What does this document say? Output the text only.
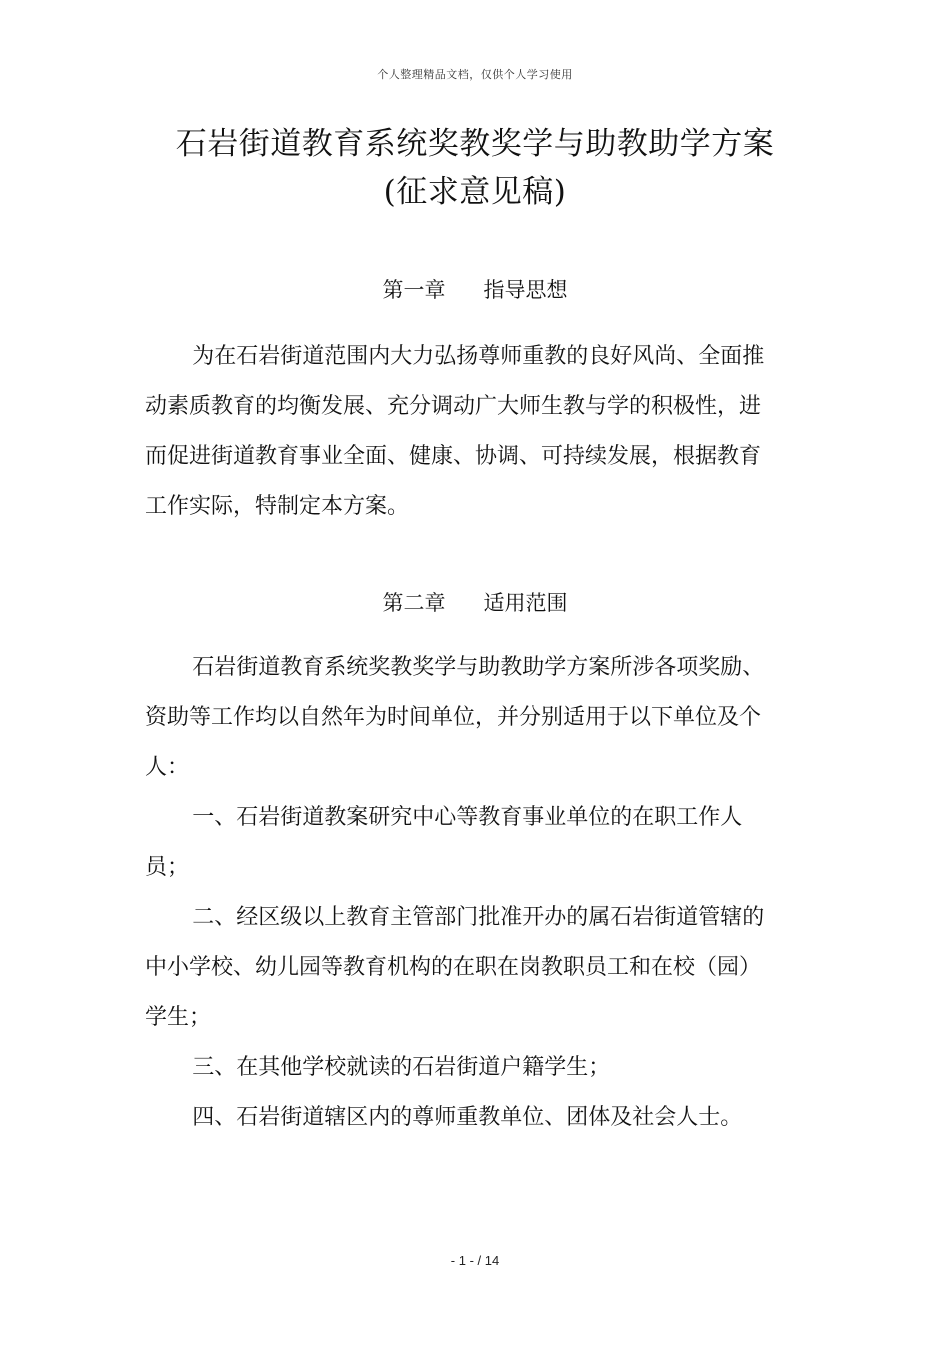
个人整理精品文档，仅供个人学习使用
石岩街道教育系统奖教奖学与助教助学方案
(征求意见稿)
第一章 指导思想

为在石岩街道范围内大力弘扬尊师重教的良好风尚、全面推动素质教育的均衡发展、充分调动广大师生教与学的积极性，进而促进街道教育事业全面、健康、协调、可持续发展，根据教育工作实际，特制定本方案。

第二章 适用范围

石岩街道教育系统奖教奖学与助教助学方案所涉各项奖励、资助等工作均以自然年为时间单位，并分别适用于以下单位及个人：

一、石岩街道教案研究中心等教育事业单位的在职工作人员；

二、经区级以上教育主管部门批准开办的属石岩街道管辖的中小学校、幼儿园等教育机构的在职在岗教职员工和在校（园）学生；

三、在其他学校就读的石岩街道户籍学生；

四、石岩街道辖区内的尊师重教单位、团体及社会人士。

- 1 - / 14
